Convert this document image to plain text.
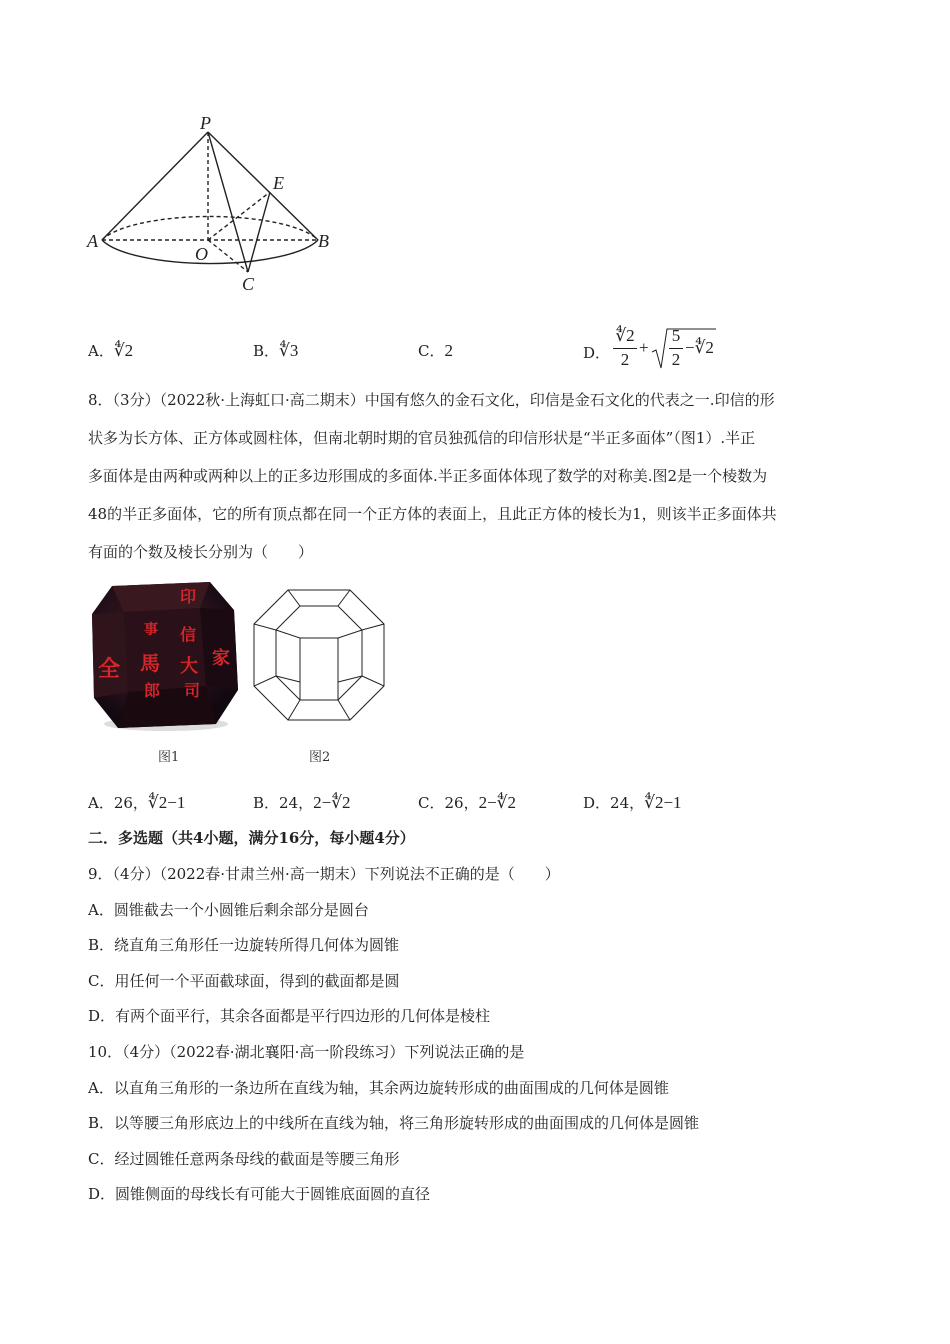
P
E
A
O
B
C
A．∜2	B．∜3	C．2	D．
∜2
2
+
5
2
−∜2
8．（3分）（2022秋·上海虹口·高二期末）中国有悠久的金石文化，印信是金石文化的代表之一.印信的形
状多为长方体、正方体或圆柱体，但南北朝时期的官员独孤信的印信形状是“半正多面体”（图1）.半正
多面体是由两种或两种以上的正多边形围成的多面体.半正多面体体现了数学的对称美.图2是一个棱数为
48的半正多面体，它的所有顶点都在同一个正方体的表面上，且此正方体的棱长为1，则该半正多面体共
有面的个数及棱长分别为（　　）
印
信
大
司
馬
全	家
郎
事
图1	图2
A．26，∜2−1	B．24，2−∜2	C．26，2−∜2	D．24，∜2−1
二．多选题（共4小题，满分16分，每小题4分）
9．（4分）（2022春·甘肃兰州·高一期末）下列说法不正确的是（　　）
A．圆锥截去一个小圆锥后剩余部分是圆台
B．绕直角三角形任一边旋转所得几何体为圆锥
C．用任何一个平面截球面，得到的截面都是圆
D．有两个面平行，其余各面都是平行四边形的几何体是棱柱
10．（4分）（2022春·湖北襄阳·高一阶段练习）下列说法正确的是
A．以直角三角形的一条边所在直线为轴，其余两边旋转形成的曲面围成的几何体是圆锥
B．以等腰三角形底边上的中线所在直线为轴，将三角形旋转形成的曲面围成的几何体是圆锥
C．经过圆锥任意两条母线的截面是等腰三角形
D．圆锥侧面的母线长有可能大于圆锥底面圆的直径
